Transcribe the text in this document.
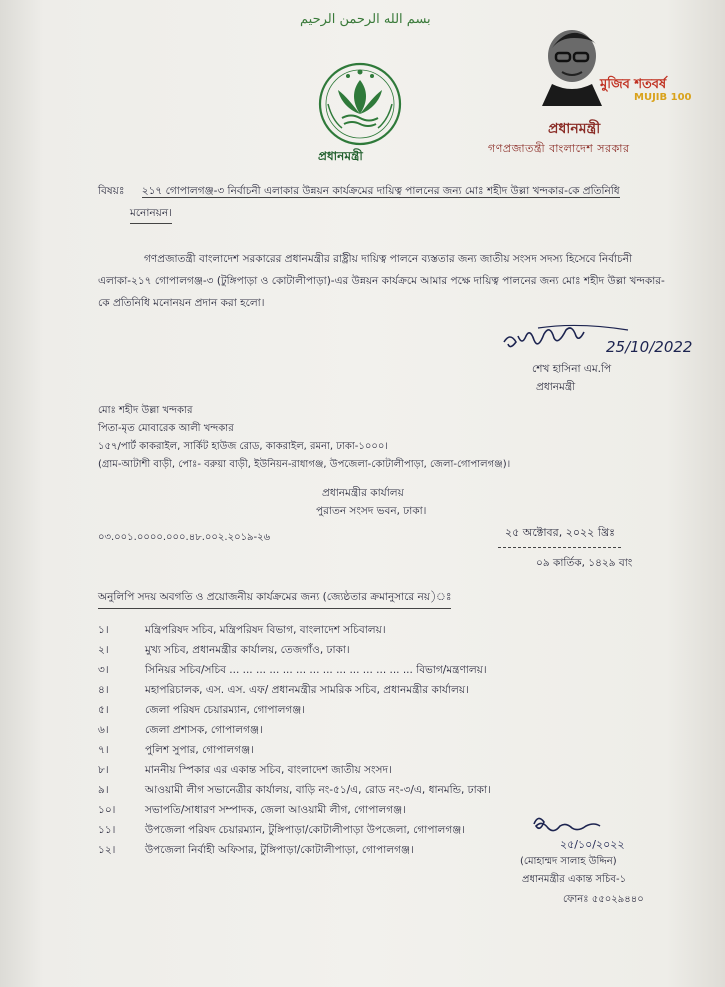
بسم الله الرحمن الرحيم
প্রধানমন্ত্রী
মুজিব শতবর্ষ
MUJIB 100
প্রধানমন্ত্রী
গণপ্রজাতন্ত্রী বাংলাদেশ সরকার
বিষয়ঃ ২১৭ গোপালগঞ্জ-৩ নির্বাচনী এলাকার উন্নয়ন কার্যক্রমের দায়িত্ব পালনের জন্য মোঃ শহীদ উল্লা খন্দকার-কে প্রতিনিধি
মনোনয়ন।
গণপ্রজাতন্ত্রী বাংলাদেশ সরকারের প্রধানমন্ত্রীর রাষ্ট্রীয় দায়িত্ব পালনে ব্যস্ততার জন্য জাতীয় সংসদ সদস্য হিসেবে নির্বাচনী এলাকা-২১৭ গোপালগঞ্জ-৩ (টুঙ্গিপাড়া ও কোটালীপাড়া)-এর উন্নয়ন কার্যক্রমে আমার পক্ষে দায়িত্ব পালনের জন্য মোঃ শহীদ উল্লা খন্দকার-কে প্রতিনিধি মনোনয়ন প্রদান করা হলো।
25/10/2022
শেখ হাসিনা এম.পি
প্রধানমন্ত্রী
মোঃ শহীদ উল্লা খন্দকার
পিতা-মৃত মোবারেক আলী খন্দকার
১৫৭/পার্ট কাকরাইল, সার্কিট হাউজ রোড, কাকরাইল, রমনা, ঢাকা-১০০০।
(গ্রাম-আটাশী বাড়ী, পোঃ- বরুয়া বাড়ী, ইউনিয়ন-রাধাগঞ্জ, উপজেলা-কোটালীপাড়া, জেলা-গোপালগঞ্জ)।
প্রধানমন্ত্রীর কার্যালয়
পুরাতন সংসদ ভবন, ঢাকা।
০৩.০০১.০০০০.০০০.৪৮.০০২.২০১৯-২৬	২৫ অক্টোবর, ২০২২ খ্রিঃ
০৯ কার্তিক, ১৪২৯ বাং
অনুলিপি সদয় অবগতি ও প্রয়োজনীয় কার্যক্রমের জন্য (জ্যেষ্ঠতার ক্রমানুসারে নয়)ঃ
১।	মন্ত্রিপরিষদ সচিব, মন্ত্রিপরিষদ বিভাগ, বাংলাদেশ সচিবালয়।
২।	মুখ্য সচিব, প্রধানমন্ত্রীর কার্যালয়, তেজগাঁও, ঢাকা।
৩।	সিনিয়র সচিব/সচিব ... ... ... ... ... ... ... ... ... ... ... ... ... ... বিভাগ/মন্ত্রণালয়।
৪।	মহাপরিচালক, এস. এস. এফ/ প্রধানমন্ত্রীর সামরিক সচিব, প্রধানমন্ত্রীর কার্যালয়।
৫।	জেলা পরিষদ চেয়ারম্যান, গোপালগঞ্জ।
৬।	জেলা প্রশাসক, গোপালগঞ্জ।
৭।	পুলিশ সুপার, গোপালগঞ্জ।
৮।	মাননীয় স্পিকার এর একান্ত সচিব, বাংলাদেশ জাতীয় সংসদ।
৯।	আওয়ামী লীগ সভানেত্রীর কার্যালয়, বাড়ি নং-৫১/এ, রোড নং-৩/এ, ধানমন্ডি, ঢাকা।
১০।	সভাপতি/সাধারণ সম্পাদক, জেলা আওয়ামী লীগ, গোপালগঞ্জ।
১১।	উপজেলা পরিষদ চেয়ারম্যান, টুঙ্গিপাড়া/কোটালীপাড়া উপজেলা, গোপালগঞ্জ।
১২।	উপজেলা নির্বাহী অফিসার, টুঙ্গিপাড়া/কোটালীপাড়া, গোপালগঞ্জ।	২৫/১০/২০২২
(মোহাম্মদ সালাহ উদ্দিন)
প্রধানমন্ত্রীর একান্ত সচিব-১
ফোনঃ ৫৫০২৯৪৪০
